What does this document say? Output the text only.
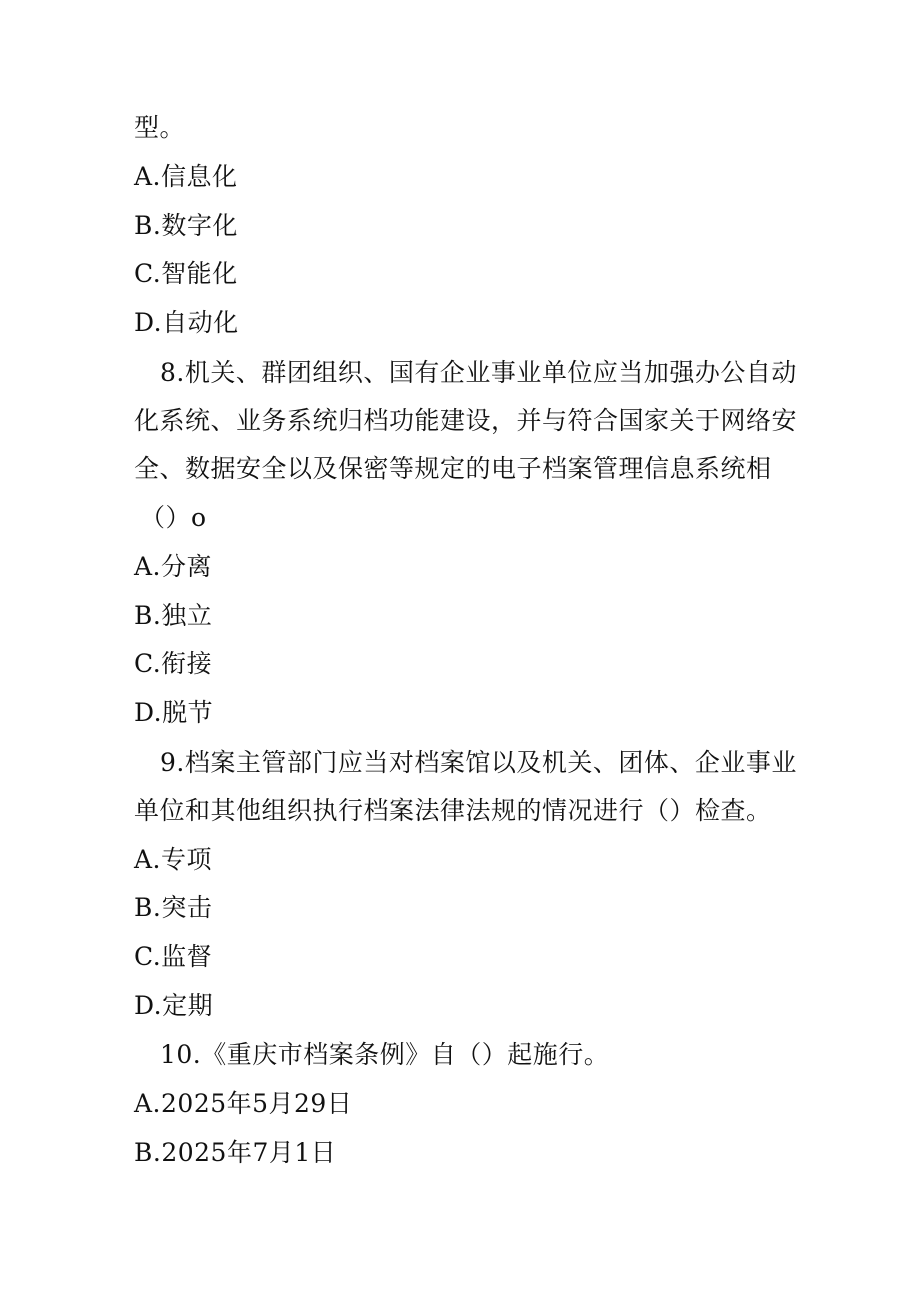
型。
A.信息化
B.数字化
C.智能化
D.自动化
8.机关、群团组织、国有企业事业单位应当加强办公自动
化系统、业务系统归档功能建设，并与符合国家关于网络安
全、数据安全以及保密等规定的电子档案管理信息系统相
（）o
A.分离
B.独立
C.衔接
D.脱节
9.档案主管部门应当对档案馆以及机关、团体、企业事业
单位和其他组织执行档案法律法规的情况进行（）检查。
A.专项
B.突击
C.监督
D.定期
10.《重庆市档案条例》自（）起施行。
A.2025年5月29日
B.2025年7月1日
